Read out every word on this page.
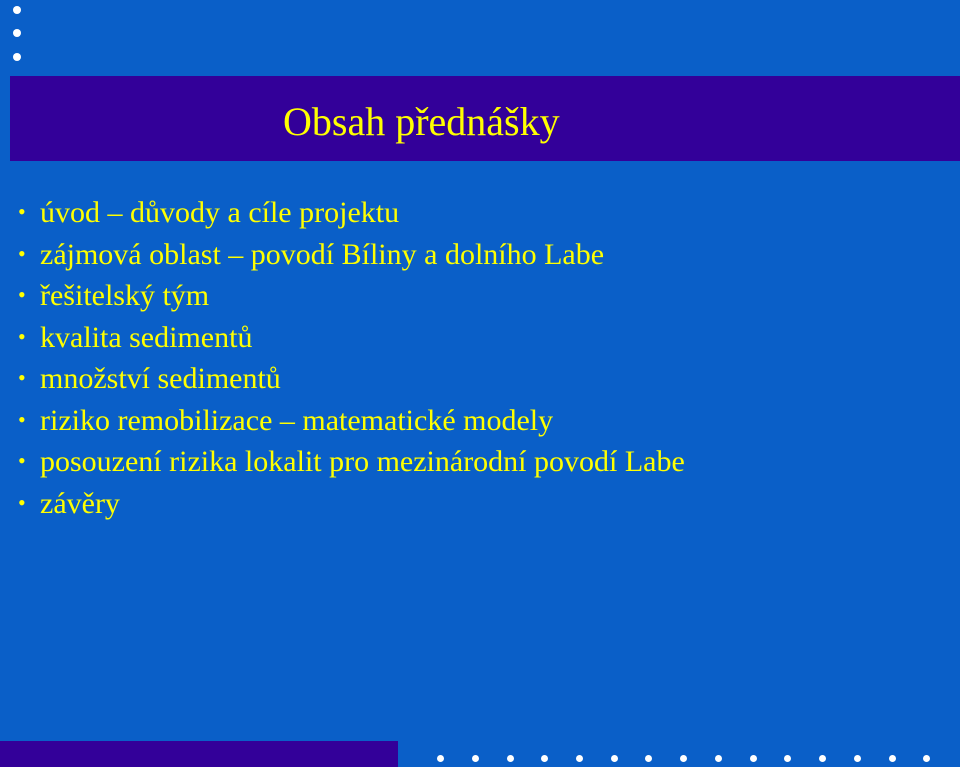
Obsah přednášky
• úvod – důvody a cíle projektu
• zájmová oblast – povodí Bíliny a dolního Labe
• řešitelský tým
• kvalita sedimentů
• množství sedimentů
• riziko remobilizace – matematické modely
• posouzení rizika lokalit pro mezinárodní povodí Labe
• závěry
